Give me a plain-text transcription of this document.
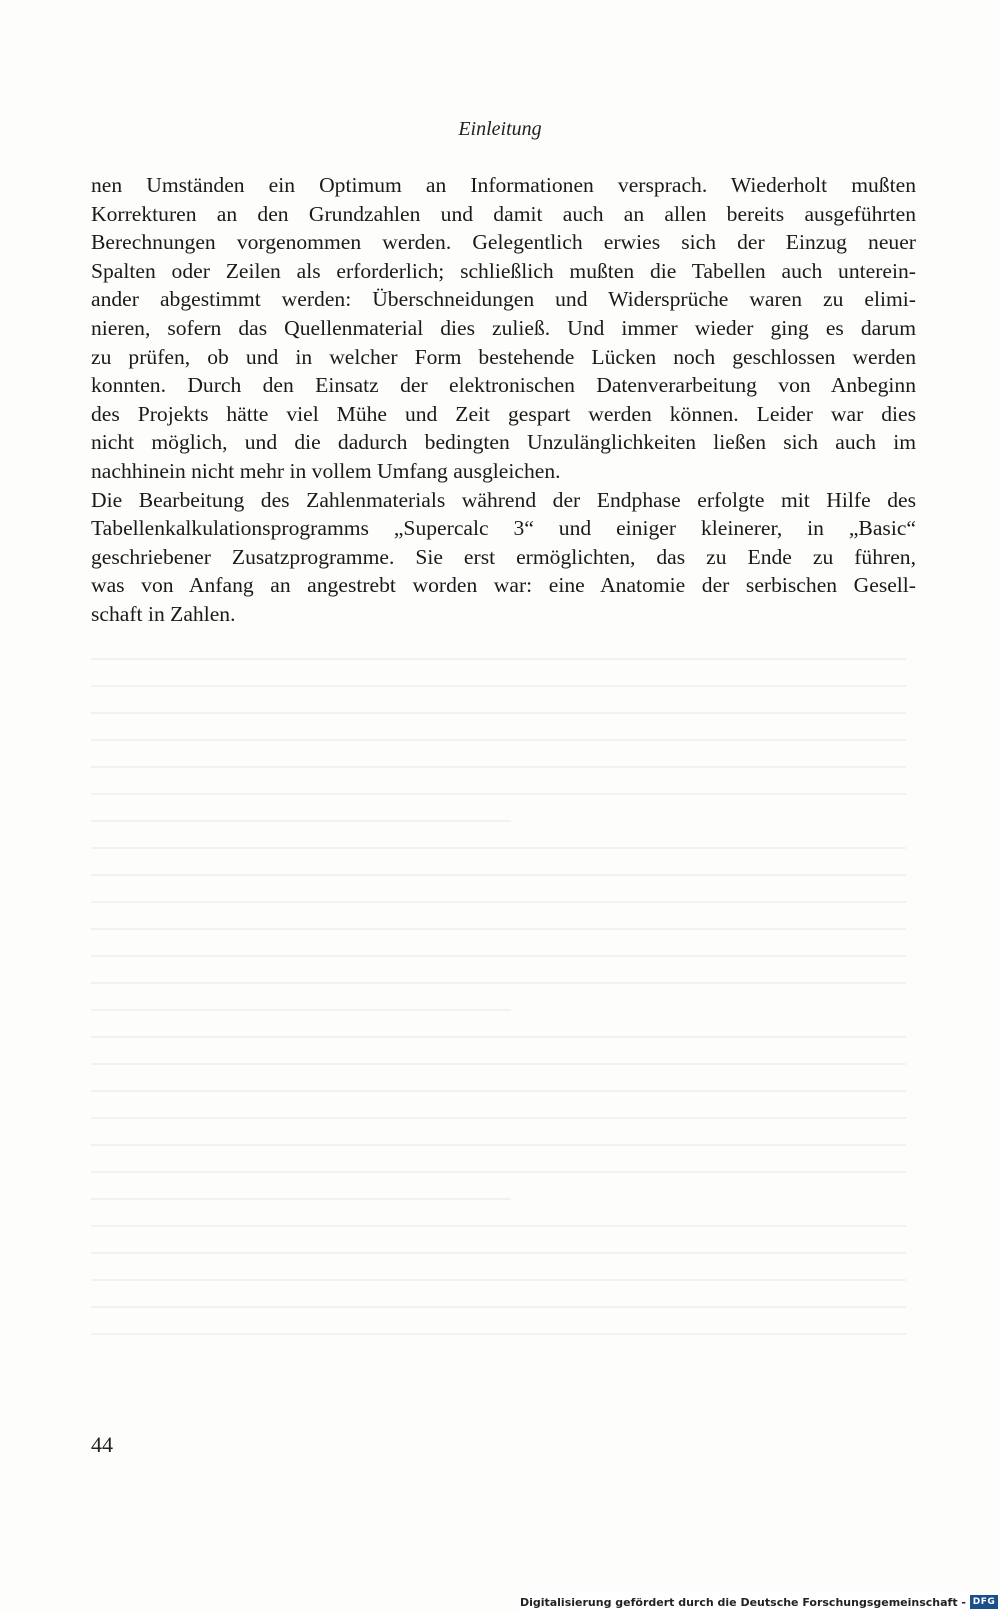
Einleitung
nen Umständen ein Optimum an Informationen versprach. Wiederholt mußten
Korrekturen an den Grundzahlen und damit auch an allen bereits ausgeführten
Berechnungen vorgenommen werden. Gelegentlich erwies sich der Einzug neuer
Spalten oder Zeilen als erforderlich; schließlich mußten die Tabellen auch unterein-
ander abgestimmt werden: Überschneidungen und Widersprüche waren zu elimi-
nieren, sofern das Quellenmaterial dies zuließ. Und immer wieder ging es darum
zu prüfen, ob und in welcher Form bestehende Lücken noch geschlossen werden
konnten. Durch den Einsatz der elektronischen Datenverarbeitung von Anbeginn
des Projekts hätte viel Mühe und Zeit gespart werden können. Leider war dies
nicht möglich, und die dadurch bedingten Unzulänglichkeiten ließen sich auch im
nachhinein nicht mehr in vollem Umfang ausgleichen.
Die Bearbeitung des Zahlenmaterials während der Endphase erfolgte mit Hilfe des
Tabellenkalkulationsprogramms „Supercalc 3“ und einiger kleinerer, in „Basic“
geschriebener Zusatzprogramme. Sie erst ermöglichten, das zu Ende zu führen,
was von Anfang an angestrebt worden war: eine Anatomie der serbischen Gesell-
schaft in Zahlen.
44
Digitalisierung gefördert durch die Deutsche Forschungsgemeinschaft - DFG
